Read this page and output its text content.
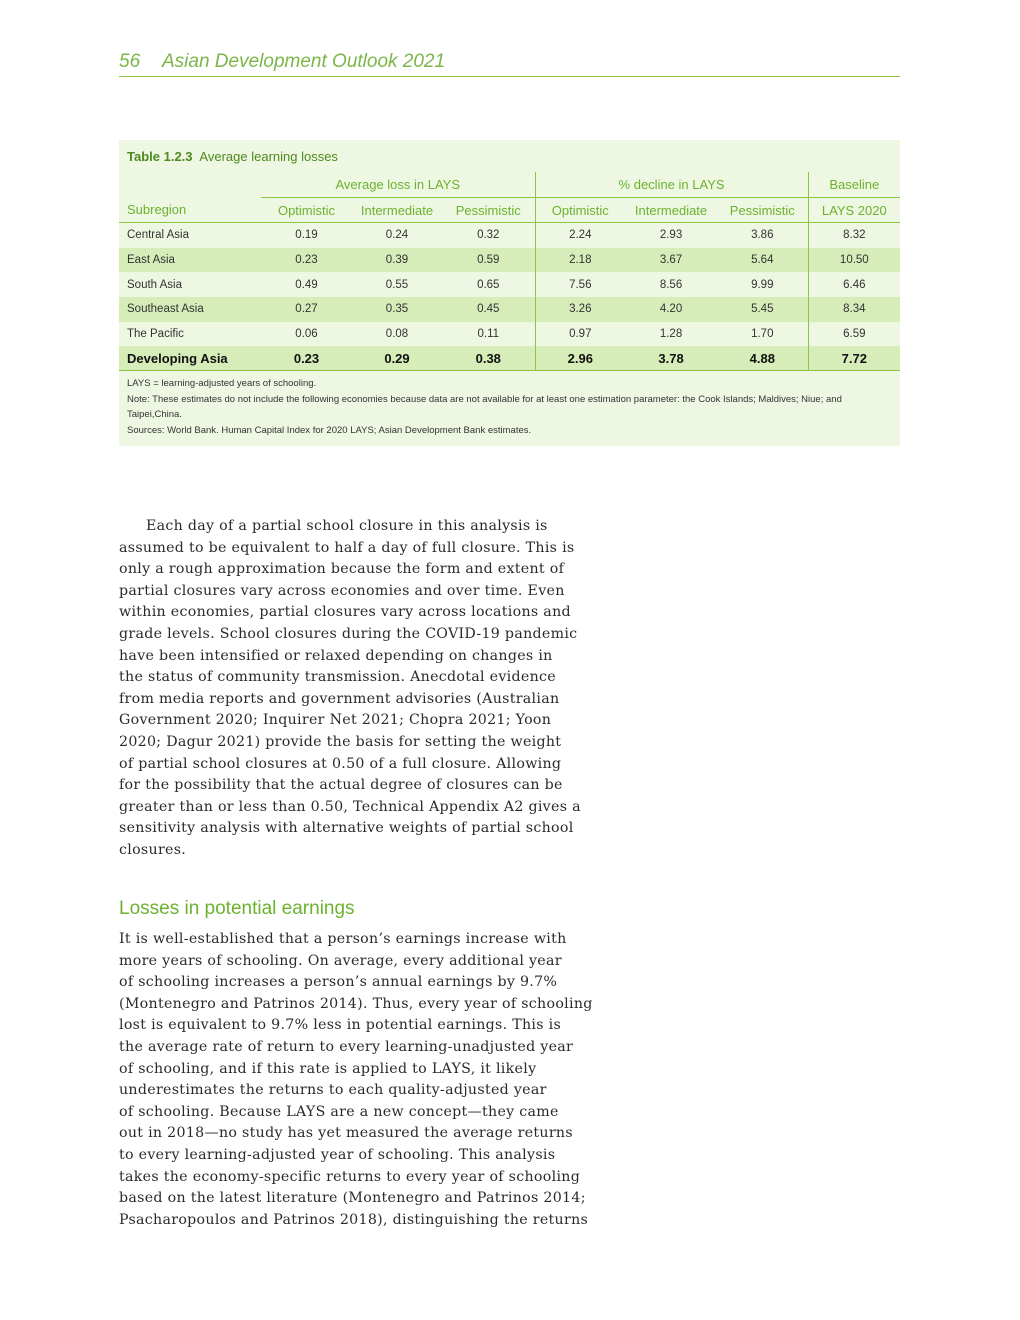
56 Asian Development Outlook 2021
Table 1.2.3 Average learning losses
	Average loss in LAYS			% decline in LAYS			Baseline
Subregion	Optimistic	Intermediate	Pessimistic	Optimistic	Intermediate	Pessimistic	LAYS 2020
Central Asia	0.19	0.24	0.32	2.24	2.93	3.86	8.32
East Asia	0.23	0.39	0.59	2.18	3.67	5.64	10.50
South Asia	0.49	0.55	0.65	7.56	8.56	9.99	6.46
Southeast Asia	0.27	0.35	0.45	3.26	4.20	5.45	8.34
The Pacific	0.06	0.08	0.11	0.97	1.28	1.70	6.59
Developing Asia	0.23	0.29	0.38	2.96	3.78	4.88	7.72

LAYS = learning-adjusted years of schooling.

Note: These estimates do not include the following economies because data are not available for at least one estimation parameter: the Cook Islands; Maldives; Niue; and Taipei,China.

Sources: World Bank. Human Capital Index for 2020 LAYS; Asian Development Bank estimates.

Each day of a partial school closure in this analysis is
assumed to be equivalent to half a day of full closure. This is
only a rough approximation because the form and extent of
partial closures vary across economies and over time. Even
within economies, partial closures vary across locations and
grade levels. School closures during the COVID-19 pandemic
have been intensified or relaxed depending on changes in
the status of community transmission. Anecdotal evidence
from media reports and government advisories (Australian
Government 2020; Inquirer Net 2021; Chopra 2021; Yoon
2020; Dagur 2021) provide the basis for setting the weight
of partial school closures at 0.50 of a full closure. Allowing
for the possibility that the actual degree of closures can be
greater than or less than 0.50, Technical Appendix A2 gives a
sensitivity analysis with alternative weights of partial school
closures.
Losses in potential earnings
It is well-established that a person’s earnings increase with
more years of schooling. On average, every additional year
of schooling increases a person’s annual earnings by 9.7%
(Montenegro and Patrinos 2014). Thus, every year of schooling
lost is equivalent to 9.7% less in potential earnings. This is
the average rate of return to every learning-unadjusted year
of schooling, and if this rate is applied to LAYS, it likely
underestimates the returns to each quality-adjusted year
of schooling. Because LAYS are a new concept—they came
out in 2018—no study has yet measured the average returns
to every learning-adjusted year of schooling. This analysis
takes the economy-specific returns to every year of schooling
based on the latest literature (Montenegro and Patrinos 2014;
Psacharopoulos and Patrinos 2018), distinguishing the returns
